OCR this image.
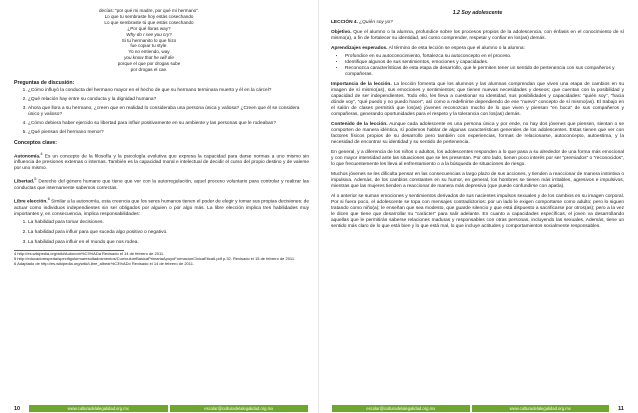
decías: “por qué mi madre, por qué mi hermano”.

Lo que tu sembraste hoy estás cosechando

Lo que sembraste tú que estás cosechando

¿Por qué lloras way?

Why do I see you cry?

Si tu hermanito lo que hizo

fue copiar tu style.

Yo no entiendo, way

you know that he will die

porque el que por drogas sube

por drogas el cae.

Preguntas de discusión:

1. ¿Cómo influyó la conducta del hermano mayor en el hecho de que su hermano terminara muerto y él en la cárcel?
2. ¿Qué relación hay entre su conducta y la dignidad humana?
3. Ahora que llora a su hermano, ¿creen que en realidad lo consideraba una persona única y valiosa? ¿Creen que él se considera único y valioso?
4. ¿Cómo debiera haber ejercido su libertad para influir positivamente en su ambiente y las personas que le rodeaban?
5. ¿Qué piensan del hermano menor?

Conceptos clave:

Autonomía.$^4$ Es un concepto de la filosofía y la psicología evolutiva que expresa la capacidad para darse normas a uno mismo sin influencia de presiones externas o internas. También es la capacidad moral e intelectual de decidir el curso del propio destino y de valerse por uno mismo.

Libertad.$^5$ Derecho del género humano que tiene que ver con la autorregulación, aquel proceso voluntario para controlar y realizar las conductas que internamente sabemos correctas.

Libre elección.$^6$ Similar a la autonomía, esta creencia que los seres humanos tienen el poder de elegir y tomar sus propias decisiones: de actuar como individuos independientes sin ser obligados por alguien o por algo más. La libre elección implica tres habilidades muy importantes y, en consecuencia, implica responsabilidades:

1. La habilidad para tomar decisiones.
2. La habilidad para influir para que suceda algo positivo o negativo.
3. La habilidad para influir en el mundo que nos rodea.

4 http://es.wikipedia.org/wiki/Autonom%C3%ADa Revisado el 14 de febrero de 2011.

5 http://educadorespeda/specifigolormaresultadosmentos/CurriculumBasicaPrimariaApoyoFormacionCivicaEtica6.pdf p.32. Revisado el 15 de febrero de 2011.

6 Adaptado de http://es.wikipedia.org/wiki/Libre_albedr%C3%ADo Revisado el 14 de febrero de 2011.

10	www.culturadelalegalidad.org.mx	escolar@culturadelalegalidad.org.mx

1.2 Soy adolescente

LECCIÓN 4. ¿Quién soy yo?

Objetivo. Que el alumno o la alumna, profundice sobre los procesos propios de la adolescencia, con énfasis en el conocimiento de sí mismo(a), a fin de fortalecer su identidad, así como comprender, respetar y confiar en los(as) demás.

Aprendizajes esperados. Al término de esta lección se espera que el alumno o la alumna:

• Profundice en su autoconocimiento, fortalezca su autoconcepto en el proceso.
• Identifique algunos de sus sentimientos, emociones y capacidades.
• Reconozca características de esta etapa de desarrollo, que le permiten tener un sentido de pertenencia con sus compañeros y compañeras.

Importancia de la lección. La lección fomenta que los alumnos y las alumnas comprendan que viven una etapa de cambios en su imagen de sí mismo(as), sus emociones y sentimientos; que tienen nuevas necesidades y deseos; que cuentan con la posibilidad y capacidad de ser independientes. Todo ello, les lleva a cuestionar su identidad, sus posibilidades y capacidades: “quién soy”, “hacia dónde voy”, “qué puedo y no puedo hacer”, así como a redefinirse dependiendo de ese “nuevo” concepto de sí mismo(as). El trabajo en el salón de clases permitirá que los(as) jóvenes reconozcan mucho de lo que viven y piensan “en boca” de sus compañeros y compañeras, generando oportunidades para el respeto y la tolerancia con los(as) demás.

Contenido de la lección. Aunque cada adolescente es una persona única y por ende, no hay dos jóvenes que piensen, sientan o se comporten de manera idéntica, sí podemos hablar de algunas características generales de los adolescentes. Estas tienen que ver con factores físicos propios de su desarrollo pero también con experiencias, formas de relacionarse, autoconcepto, autoestima, y la necesidad de encontrar su identidad y su sentido de pertenencia.

En general, y a diferencia de los niños o adultos, los adolescentes responden a lo que pasa a su alrededor de una forma más emocional y con mayor intensidad ante las situaciones que se les presentan. Por otro lado, tienen poco interés por ser “premiados” o “reconocidos”, lo que frecuentemente les lleva al enfrentamiento o a la búsqueda de situaciones de riesgo.

Muchos jóvenes se les dificulta pensar en las consecuencias a largo plazo de sus acciones, y tienden a reaccionar de manera instintiva o impulsiva. Además, de los cambios constantes en su humor, en general, los hombres se tienen más irritables, agresivos e impulsivos, mientras que las mujeres tienden a reaccionar de manera más depresiva (que puede confundirse con apatía).

Al o anterior se suman emociones y sentimientos derivados de sus nacientes impulsos sexuales y de los cambios en su imagen corporal. Por si fuera poco, el adolescente se topa con mensajes contradictorios: por un lado le exigen comportarse como adulto; pero lo siguen tratando como niño(a); le enseñan que sea modesto, que guarde silencio y que está dispuesto a sacrificarse por otros(as); pero a la vez le dicen que tiene que desarrollar su “carácter” para salir adelante. En cuanto a capacidades específicas, el joven va desarrollando aquellas que le permitirán saberse relaciones maduras y responsables con otras personas, incluyendo las sexuales. Además, tiene un sentido más claro de lo que está bien y lo que está mal, lo que incluye actitudes y comportamientos socialmente responsables.

escolar@culturadelalegalidad.org.mx	www.culturadelalegalidad.org.mx	11
